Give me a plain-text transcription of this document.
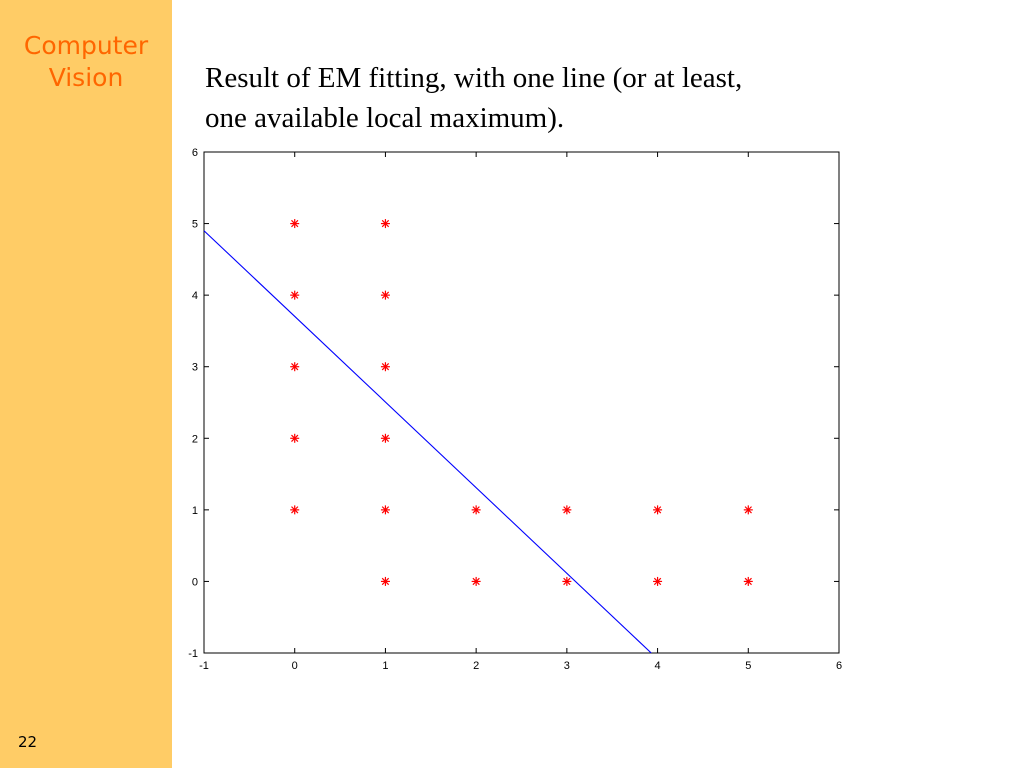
Computer
Vision
22
Result of EM fitting, with one line (or at least,
one available local maximum).
-1	0	1	2	3	4	5	6
-1
0
1
2
3
4
5
6
